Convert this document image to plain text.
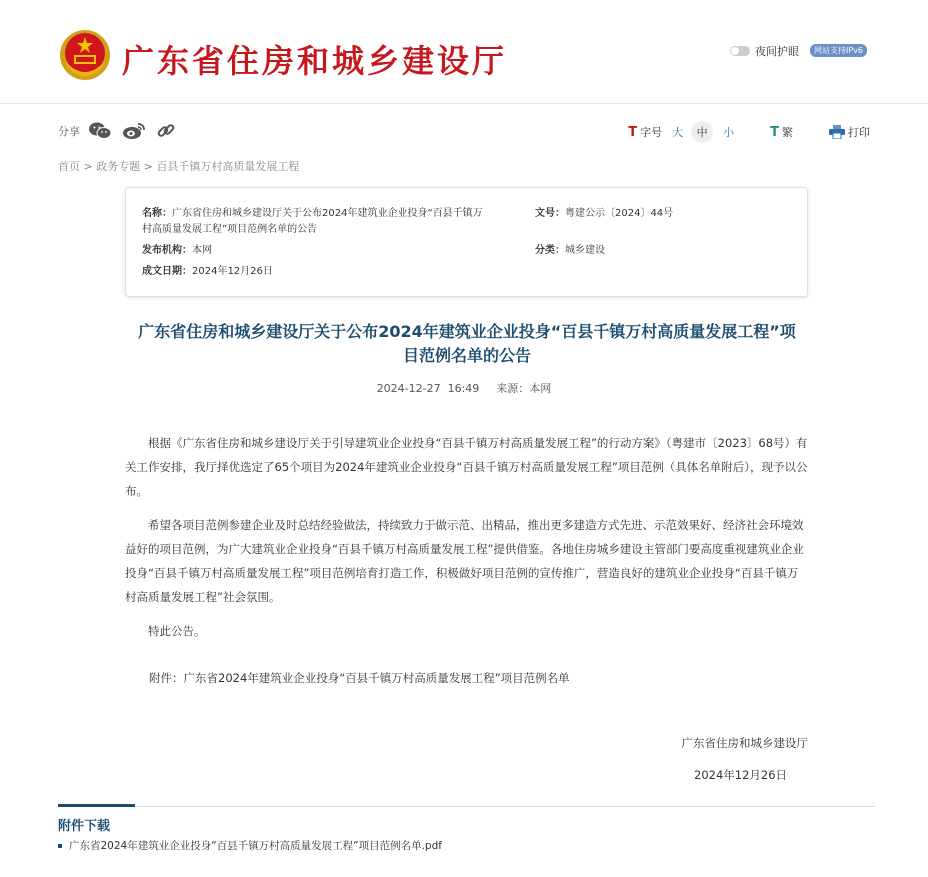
广东省住房和城乡建设厅	夜间护眼	网站支持IPv6
分享	T 字号 大	中	小	T 繁	打印
首页 > 政务专题 > 百县千镇万村高质量发展工程
名称：广东省住房和城乡建设厅关于公布2024年建筑业企业投身“百县千镇万
村高质量发展工程”项目范例名单的公告
文号：粤建公示〔2024〕44号
发布机构：本网	分类：城乡建设
成文日期：2024年12月26日
广东省住房和城乡建设厅关于公布2024年建筑业企业投身“百县千镇万村高质量发展工程”项
目范例名单的公告
2024-12-27  16:49 来源：本网

根据《广东省住房和城乡建设厅关于引导建筑业企业投身“百县千镇万村高质量发展工程”的行动方案》（粤建市〔2023〕68号）有关工作安排，我厅择优选定了65个项目为2024年建筑业企业投身“百县千镇万村高质量发展工程”项目范例（具体名单附后），现予以公布。

希望各项目范例参建企业及时总结经验做法，持续致力于做示范、出精品，推出更多建造方式先进、示范效果好、经济社会环境效益好的项目范例，为广大建筑业企业投身“百县千镇万村高质量发展工程”提供借鉴。各地住房城乡建设主管部门要高度重视建筑业企业投身“百县千镇万村高质量发展工程”项目范例培育打造工作，积极做好项目范例的宣传推广，营造良好的建筑业企业投身“百县千镇万村高质量发展工程”社会氛围。

特此公告。

附件：广东省2024年建筑业企业投身“百县千镇万村高质量发展工程”项目范例名单
广东省住房和城乡建设厅
2024年12月26日
附件下载
广东省2024年建筑业企业投身“百县千镇万村高质量发展工程”项目范例名单.pdf
